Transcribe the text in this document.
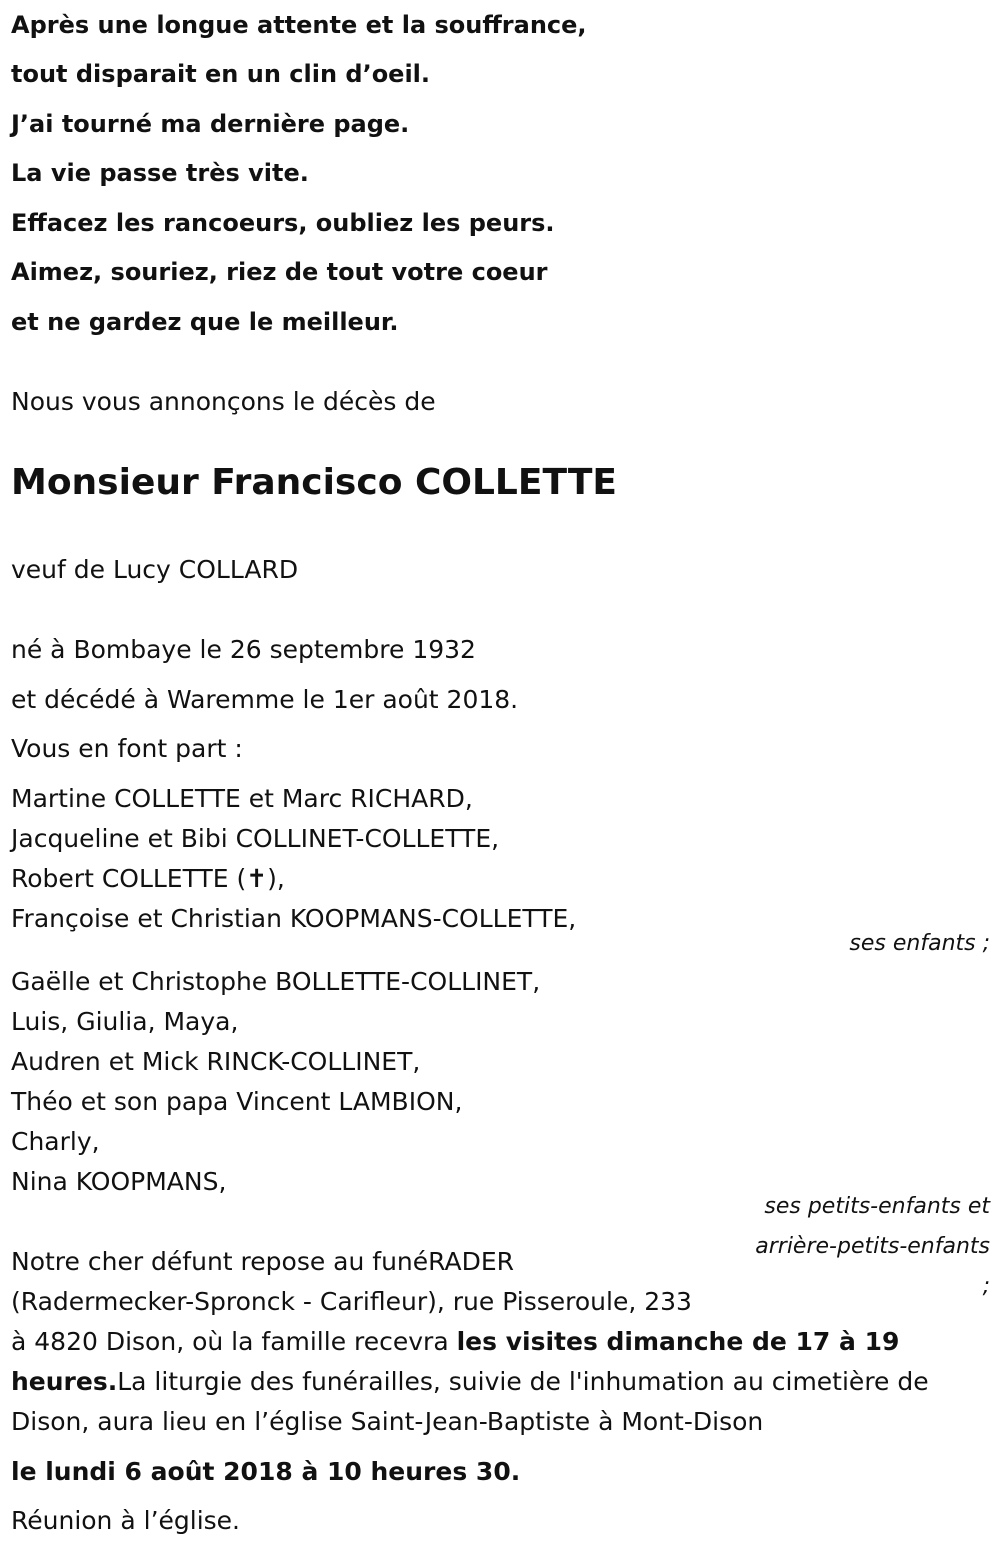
Après une longue attente et la souffrance,
tout disparait en un clin d’oeil.
J’ai tourné ma dernière page.
La vie passe très vite.
Effacez les rancoeurs, oubliez les peurs.
Aimez, souriez, riez de tout votre coeur
et ne gardez que le meilleur.
Nous vous annonçons le décès de
Monsieur Francisco COLLETTE
veuf de Lucy COLLARD
né à Bombaye le 26 septembre 1932
et décédé à Waremme le 1er août 2018.
Vous en font part :
Martine COLLETTE et Marc RICHARD,
Jacqueline et Bibi COLLINET-COLLETTE,
Robert COLLETTE (✝),
Françoise et Christian KOOPMANS-COLLETTE,
ses enfants ;
Gaëlle et Christophe BOLLETTE-COLLINET,
Luis, Giulia, Maya,
Audren et Mick RINCK-COLLINET,
Théo et son papa Vincent LAMBION,
Charly,
Nina KOOPMANS,
ses petits-enfants et arrière-petits-enfants ;
Notre cher défunt repose au funéRADER
(Radermecker-Spronck - Carifleur), rue Pisseroule, 233
à 4820 Dison, où la famille recevra les visites dimanche de 17 à 19
heures.La liturgie des funérailles, suivie de l'inhumation au cimetière de
Dison, aura lieu en l’église Saint-Jean-Baptiste à Mont-Dison
le lundi 6 août 2018 à 10 heures 30.
Réunion à l’église.
